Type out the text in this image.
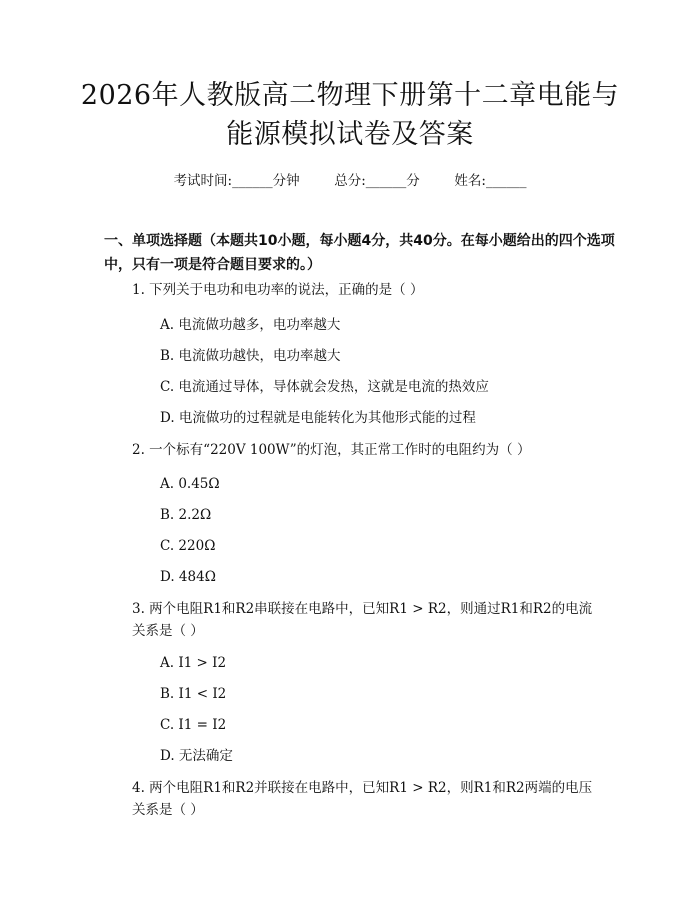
2026年人教版高二物理下册第十二章电能与
能源模拟试卷及答案
考试时间:______分钟	总分:______分	姓名:______
一、单项选择题（本题共10小题，每小题4分，共40分。在每小题给出的四个选项中，只有一项是符合题目要求的。）
1. 下列关于电功和电功率的说法，正确的是（ ）
A. 电流做功越多，电功率越大
B. 电流做功越快，电功率越大
C. 电流通过导体，导体就会发热，这就是电流的热效应
D. 电流做功的过程就是电能转化为其他形式能的过程
2. 一个标有“220V 100W”的灯泡，其正常工作时的电阻约为（ ）
A. 0.45Ω
B. 2.2Ω
C. 220Ω
D. 484Ω
3. 两个电阻R1和R2串联接在电路中，已知R1 > R2，则通过R1和R2的电流关系是（ ）
A. I1 > I2
B. I1 < I2
C. I1 = I2
D. 无法确定
4. 两个电阻R1和R2并联接在电路中，已知R1 > R2，则R1和R2两端的电压关系是（ ）
